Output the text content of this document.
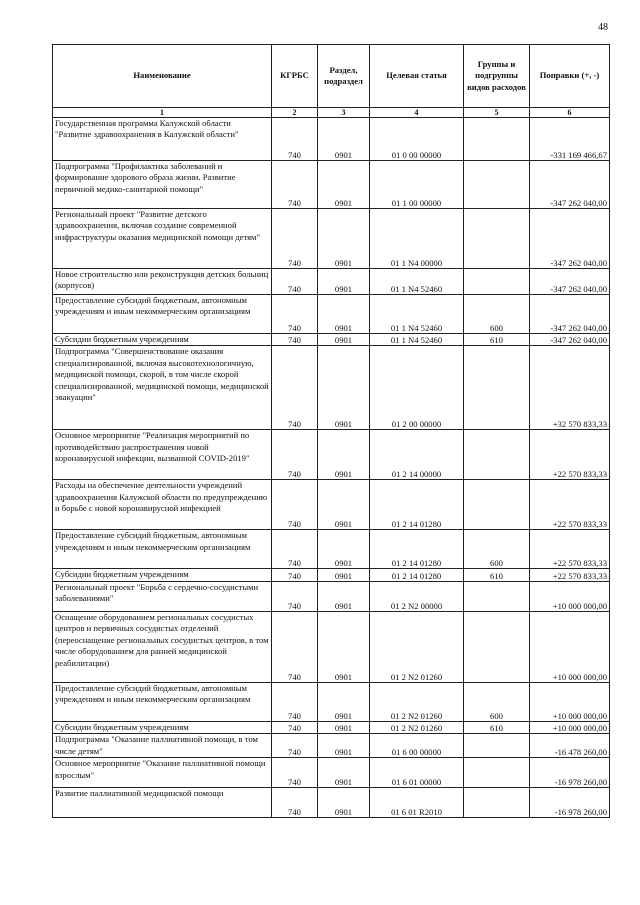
48
Наименование	КГРБС	Раздел, подраздел	Целевая статья	Группы и подгруппы видов расходов	Поправки (+, -)
1	2	3	4	5	6
Государственная программа Калужской области "Развитие здравоохранения в Калужской области"	740	0901	01 0 00 00000		-331 169 466,67
Подпрограмма "Профилактика заболеваний и формирование здорового образа жизни. Развитие первичной медико-санитарной помощи"	740	0901	01 1 00 00000		-347 262 040,00
Региональный проект "Развитие детского здравоохранения, включая создание современной инфраструктуры оказания медицинской помощи детям"	740	0901	01 1 N4 00000		-347 262 040,00
Новое строительство или реконструкция детских больниц (корпусов)	740	0901	01 1 N4 52460		-347 262 040,00
Предоставление субсидий бюджетным, автономным учреждениям и иным некоммерческим организациям	740	0901	01 1 N4 52460	600	-347 262 040,00
Субсидии бюджетным учреждениям	740	0901	01 1 N4 52460	610	-347 262 040,00
Подпрограмма "Совершенствование оказания специализированной, включая высокотехнологичную, медицинской помощи, скорой, в том числе скорой специализированной, медицинской помощи, медицинской эвакуации"	740	0901	01 2 00 00000		+32 570 833,33
Основное мероприятие "Реализация мероприятий по противодействию распространения новой коронавирусной инфекции, вызванной COVID-2019"	740	0901	01 2 14 00000		+22 570 833,33
Расходы на обеспечение деятельности учреждений здравоохранения Калужской области по предупреждению и борьбе с новой коронавирусной инфекцией	740	0901	01 2 14 01280		+22 570 833,33
Предоставление субсидий бюджетным, автономным учреждениям и иным некоммерческим организациям	740	0901	01 2 14 01280	600	+22 570 833,33
Субсидии бюджетным учреждениям	740	0901	01 2 14 01280	610	+22 570 833,33
Региональный проект "Борьба с сердечно-сосудистыми заболеваниями"	740	0901	01 2 N2 00000		+10 000 000,00
Оснащение оборудованием региональных сосудистых центров и первичных сосудистых отделений (переоснащение региональных сосудистых центров, в том числе оборудованием для ранней медицинской реабилитации)	740	0901	01 2 N2 01260		+10 000 000,00
Предоставление субсидий бюджетным, автономным учреждениям и иным некоммерческим организациям	740	0901	01 2 N2 01260	600	+10 000 000,00
Субсидии бюджетным учреждениям	740	0901	01 2 N2 01260	610	+10 000 000,00
Подпрограмма "Оказание паллиативной помощи, в том числе детям"	740	0901	01 6 00 00000		-16 478 260,00
Основное мероприятие "Оказание паллиативной помощи взрослым"	740	0901	01 6 01 00000		-16 978 260,00
Развитие паллиативной медицинской помощи	740	0901	01 6 01 R2010		-16 978 260,00
